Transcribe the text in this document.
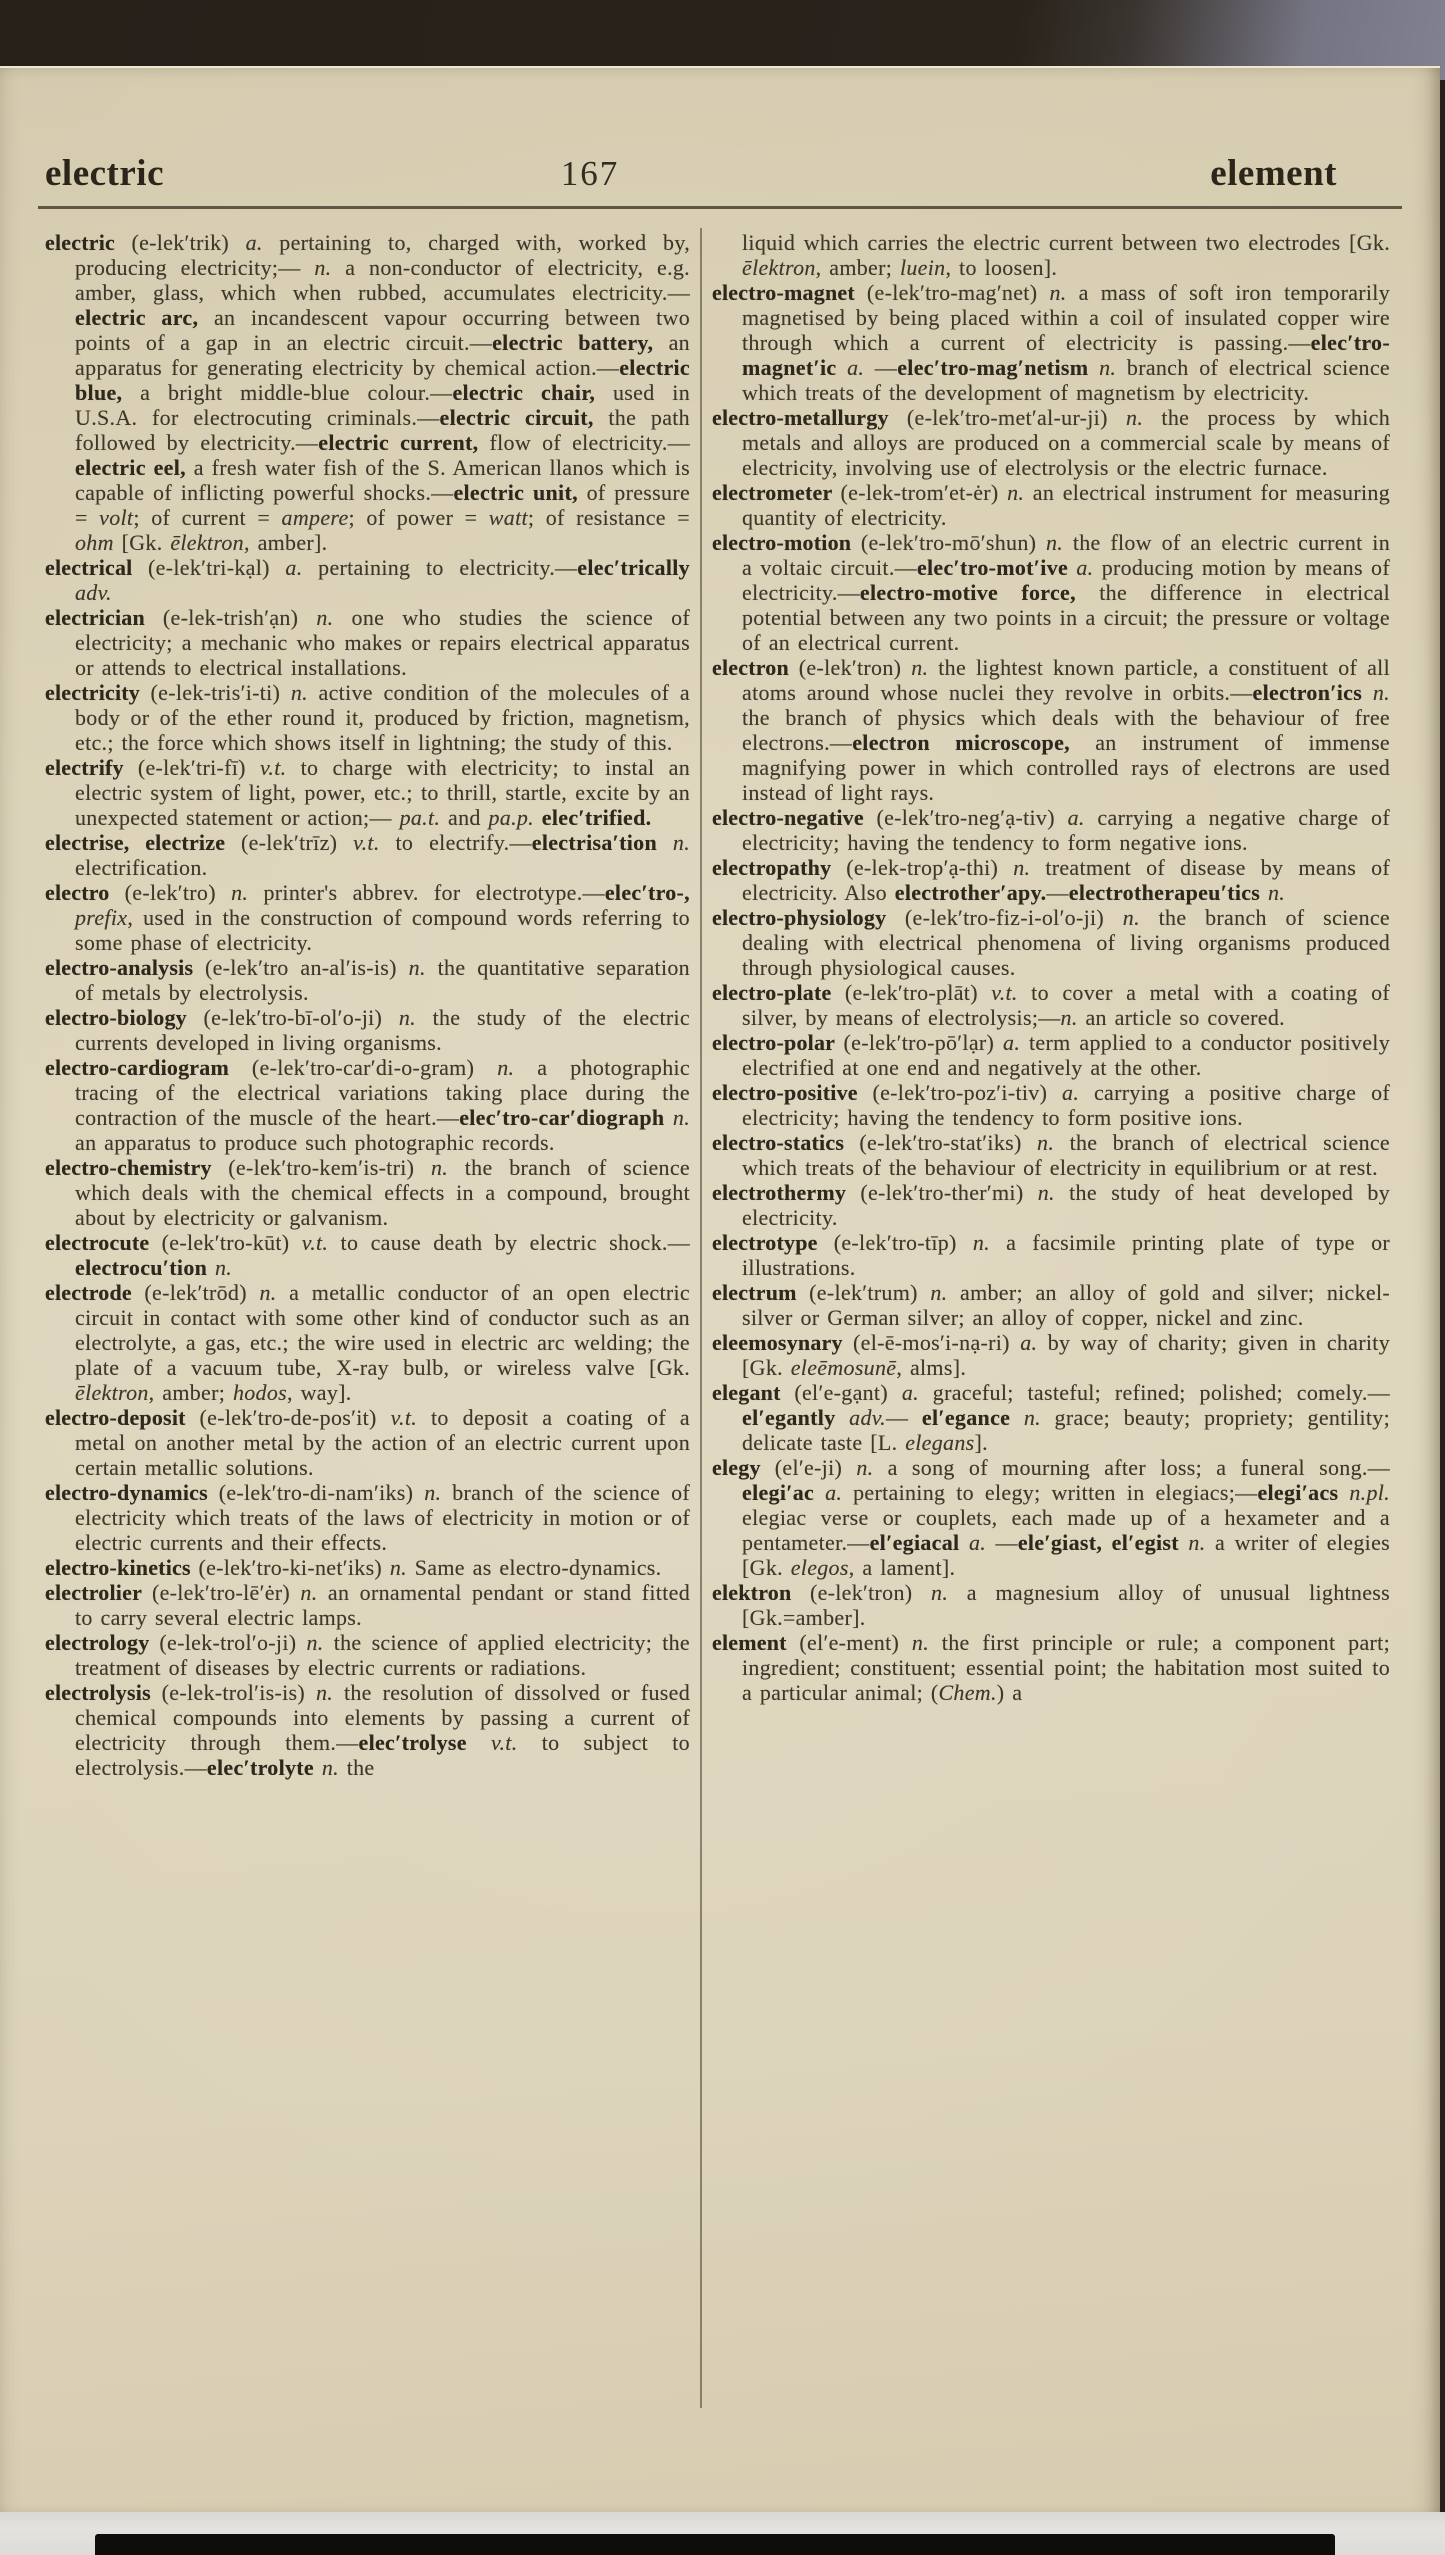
electric	167	element

electric (e-lek′trik) a. pertaining to, charged with, worked by, producing electricity;— n. a non-conductor of electricity, e.g. amber, glass, which when rubbed, accumulates electricity.—electric arc, an incandescent vapour occurring between two points of a gap in an electric circuit.—electric battery, an apparatus for generating electricity by chemical action.—electric blue, a bright middle-blue colour.—electric chair, used in U.S.A. for electrocuting criminals.—electric circuit, the path followed by electricity.—electric current, flow of electricity.—electric eel, a fresh water fish of the S. American llanos which is capable of inflicting powerful shocks.—electric unit, of pressure = volt; of current = ampere; of power = watt; of resistance = ohm [Gk. ēlektron, amber].

electrical (e-lek′tri-kạl) a. pertaining to electricity.—elec′trically adv.

electrician (e-lek-trish′ạn) n. one who studies the science of electricity; a mechanic who makes or repairs electrical apparatus or attends to electrical installations.

electricity (e-lek-tris′i-ti) n. active condition of the molecules of a body or of the ether round it, produced by friction, magnetism, etc.; the force which shows itself in lightning; the study of this.

electrify (e-lek′tri-fī) v.t. to charge with electricity; to instal an electric system of light, power, etc.; to thrill, startle, excite by an unexpected statement or action;— pa.t. and pa.p. elec′trified.

electrise, electrize (e-lek′trīz) v.t. to electrify.—electrisa′tion n. electrification.

electro (e-lek′tro) n. printer's abbrev. for electrotype.—elec′tro-, prefix, used in the construction of compound words referring to some phase of electricity.

electro-analysis (e-lek′tro an-al′is-is) n. the quantitative separation of metals by electrolysis.

electro-biology (e-lek′tro-bī-ol′o-ji) n. the study of the electric currents developed in living organisms.

electro-cardiogram (e-lek′tro-car′di-o-gram) n. a photographic tracing of the electrical variations taking place during the contraction of the muscle of the heart.—elec′tro-car′diograph n. an apparatus to produce such photographic records.

electro-chemistry (e-lek′tro-kem′is-tri) n. the branch of science which deals with the chemical effects in a compound, brought about by electricity or galvanism.

electrocute (e-lek′tro-kūt) v.t. to cause death by electric shock.—electrocu′tion n.

electrode (e-lek′trōd) n. a metallic conductor of an open electric circuit in contact with some other kind of conductor such as an electrolyte, a gas, etc.; the wire used in electric arc welding; the plate of a vacuum tube, X-ray bulb, or wireless valve [Gk. ēlektron, amber; hodos, way].

electro-deposit (e-lek′tro-de-pos′it) v.t. to deposit a coating of a metal on another metal by the action of an electric current upon certain metallic solutions.

electro-dynamics (e-lek′tro-di-nam′iks) n. branch of the science of electricity which treats of the laws of electricity in motion or of electric currents and their effects.

electro-kinetics (e-lek′tro-ki-net′iks) n. Same as electro-dynamics.

electrolier (e-lek′tro-lē′ėr) n. an ornamental pendant or stand fitted to carry several electric lamps.

electrology (e-lek-trol′o-ji) n. the science of applied electricity; the treatment of diseases by electric currents or radiations.

electrolysis (e-lek-trol′is-is) n. the resolution of dissolved or fused chemical compounds into elements by passing a current of electricity through them.—elec′trolyse v.t. to subject to electrolysis.—elec′trolyte n. the

liquid which carries the electric current between two electrodes [Gk. ēlektron, amber; luein, to loosen].

electro-magnet (e-lek′tro-mag′net) n. a mass of soft iron temporarily magnetised by being placed within a coil of insulated copper wire through which a current of electricity is passing.—elec′tro-magnet′ic a. —elec′tro-mag′netism n. branch of electrical science which treats of the development of magnetism by electricity.

electro-metallurgy (e-lek′tro-met′al-ur-ji) n. the process by which metals and alloys are produced on a commercial scale by means of electricity, involving use of electrolysis or the electric furnace.

electrometer (e-lek-trom′et-ėr) n. an electrical instrument for measuring quantity of electricity.

electro-motion (e-lek′tro-mō′shun) n. the flow of an electric current in a voltaic circuit.—elec′tro-mot′ive a. producing motion by means of electricity.—electro-motive force, the difference in electrical potential between any two points in a circuit; the pressure or voltage of an electrical current.

electron (e-lek′tron) n. the lightest known particle, a constituent of all atoms around whose nuclei they revolve in orbits.—electron′ics n. the branch of physics which deals with the behaviour of free electrons.—electron microscope, an instrument of immense magnifying power in which controlled rays of electrons are used instead of light rays.

electro-negative (e-lek′tro-neg′ạ-tiv) a. carrying a negative charge of electricity; having the tendency to form negative ions.

electropathy (e-lek-trop′ạ-thi) n. treatment of disease by means of electricity. Also electrother′apy.—electrotherapeu′tics n.

electro-physiology (e-lek′tro-fiz-i-ol′o-ji) n. the branch of science dealing with electrical phenomena of living organisms produced through physiological causes.

electro-plate (e-lek′tro-plāt) v.t. to cover a metal with a coating of silver, by means of electrolysis;—n. an article so covered.

electro-polar (e-lek′tro-pō′lạr) a. term applied to a conductor positively electrified at one end and negatively at the other.

electro-positive (e-lek′tro-poz′i-tiv) a. carrying a positive charge of electricity; having the tendency to form positive ions.

electro-statics (e-lek′tro-stat′iks) n. the branch of electrical science which treats of the behaviour of electricity in equilibrium or at rest.

electrothermy (e-lek′tro-ther′mi) n. the study of heat developed by electricity.

electrotype (e-lek′tro-tīp) n. a facsimile printing plate of type or illustrations.

electrum (e-lek′trum) n. amber; an alloy of gold and silver; nickel-silver or German silver; an alloy of copper, nickel and zinc.

eleemosynary (el-ē-mos′i-nạ-ri) a. by way of charity; given in charity [Gk. eleēmosunē, alms].

elegant (el′e-gạnt) a. graceful; tasteful; refined; polished; comely.—el′egantly adv.— el′egance n. grace; beauty; propriety; gentility; delicate taste [L. elegans].

elegy (el′e-ji) n. a song of mourning after loss; a funeral song.—elegi′ac a. pertaining to elegy; written in elegiacs;—elegi′acs n.pl. elegiac verse or couplets, each made up of a hexameter and a pentameter.—el′egiacal a. —ele′giast, el′egist n. a writer of elegies [Gk. elegos, a lament].

elektron (e-lek′tron) n. a magnesium alloy of unusual lightness [Gk.=amber].

element (el′e-ment) n. the first principle or rule; a component part; ingredient; constituent; essential point; the habitation most suited to a particular animal; (Chem.) a
